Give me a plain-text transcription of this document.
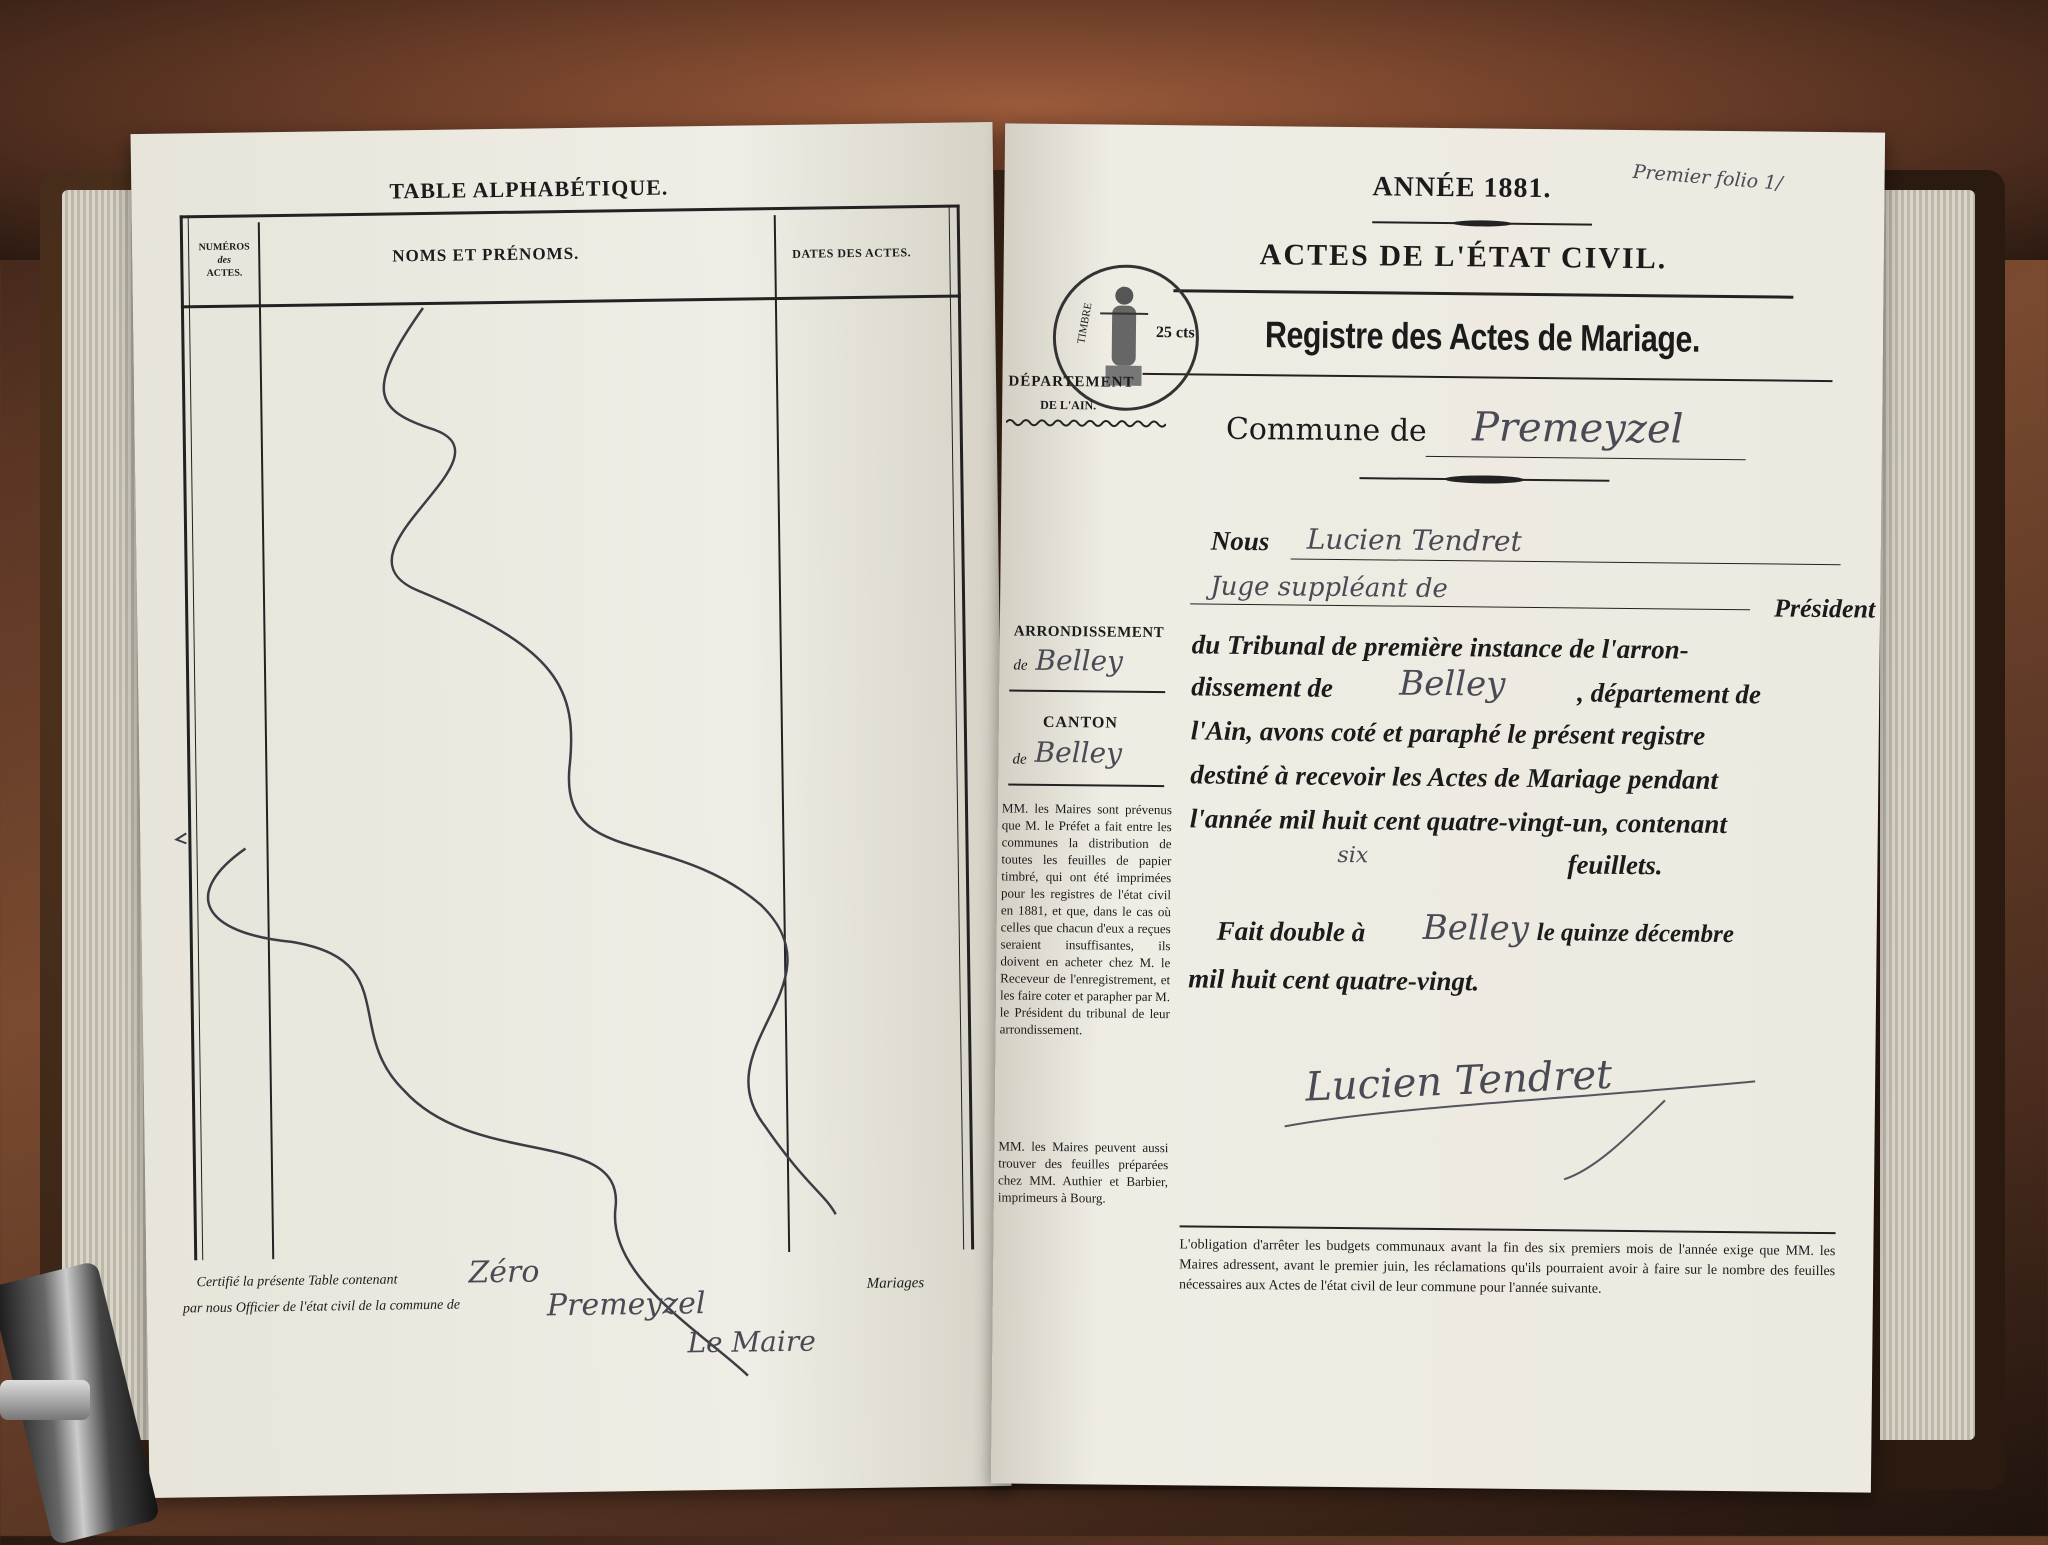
TABLE ALPHABÉTIQUE.
NUMÉROS
des
ACTES.
NOMS ET PRÉNOMS.	DATES DES ACTES.
Certifié la présente Table contenant Zéro	Mariages
par nous Officier de l'état civil de la commune de	Premeyzel
Le Maire
ANNÉE 1881.	Premier folio 1/
ACTES DE L'ÉTAT CIVIL.
Registre des Actes de Mariage.
25 cts
TIMBRE
DÉPARTEMENT
DE L'AIN.
Commune de Premeyzel
Nous Lucien Tendret
Juge suppléant de
ARRONDISSEMENT
de Belley
CANTON
de Belley
MM. les Maires sont prévenus que M. le Préfet a fait entre les communes la distribution de toutes les feuilles de papier timbré, qui ont été imprimées pour les registres de l'état civil en 1881, et que, dans le cas où celles que chacun d'eux a reçues seraient insuffisantes, ils doivent en acheter chez M. le Receveur de l'enregistrement, et les faire coter et parapher par M. le Président du tribunal de leur arrondissement.
MM. les Maires peuvent aussi trouver des feuilles préparées chez MM. Authier et Barbier, imprimeurs à Bourg.
Président
du Tribunal de première instance de l'arron-
dissement de Belley	, département de
l'Ain, avons coté et paraphé le présent registre
destiné à recevoir les Actes de Mariage pendant
l'année mil huit cent quatre-vingt-un, contenant
six	feuillets.
Fait double à Belley le quinze décembre
mil huit cent quatre-vingt.
Lucien Tendret
L'obligation d'arrêter les budgets communaux avant la fin des six premiers mois de l'année exige que MM. les Maires adressent, avant le premier juin, les réclamations qu'ils pourraient avoir à faire sur le nombre des feuilles nécessaires aux Actes de l'état civil de leur commune pour l'année suivante.
